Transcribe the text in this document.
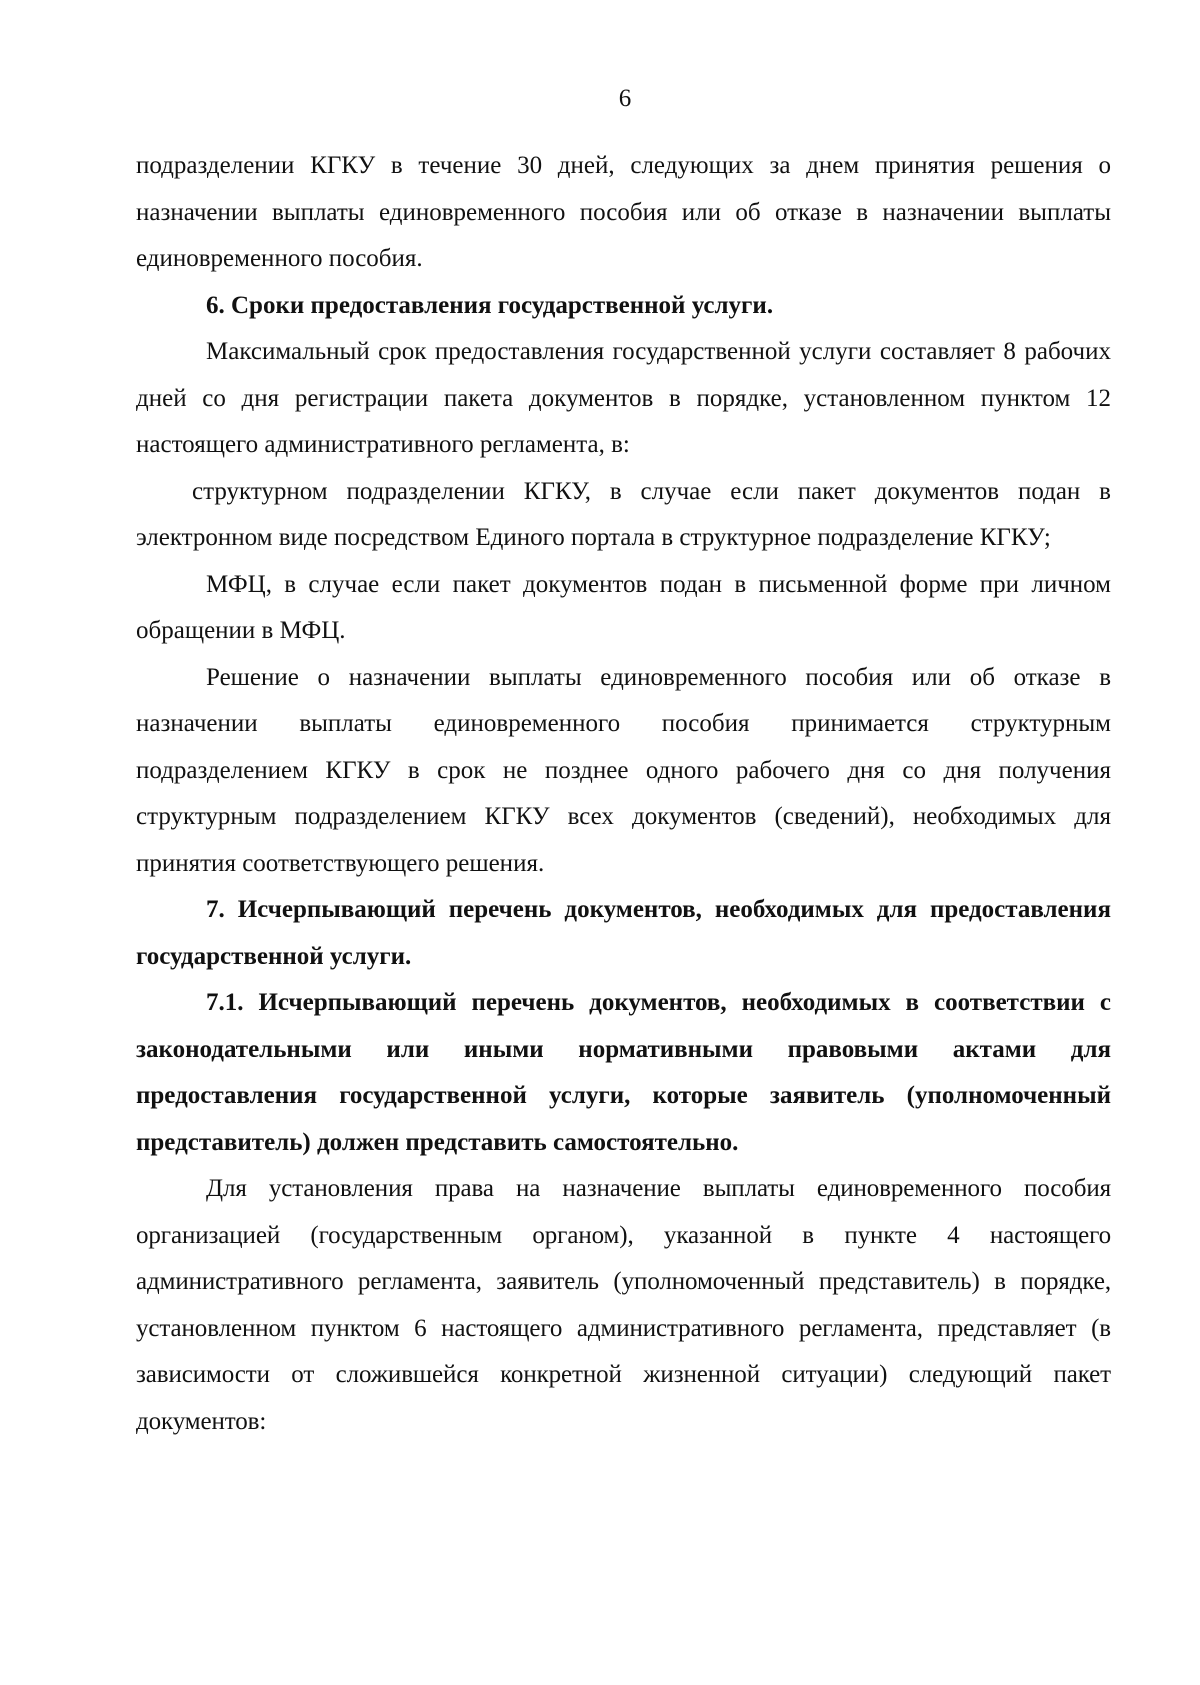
6

подразделении КГКУ в течение 30 дней, следующих за днем принятия решения о назначении выплаты единовременного пособия или об отказе в назначении выплаты единовременного пособия.

6. Сроки предоставления государственной услуги.

Максимальный срок предоставления государственной услуги составляет 8 рабочих дней со дня регистрации пакета документов в порядке, установленном пунктом 12 настоящего административного регламента, в:

структурном подразделении КГКУ, в случае если пакет документов подан в электронном виде посредством Единого портала в структурное подразделение КГКУ;

МФЦ, в случае если пакет документов подан в письменной форме при личном обращении в МФЦ.

Решение о назначении выплаты единовременного пособия или об отказе в назначении выплаты единовременного пособия принимается структурным подразделением КГКУ в срок не позднее одного рабочего дня со дня получения структурным подразделением КГКУ всех документов (сведений), необходимых для принятия соответствующего решения.

7. Исчерпывающий перечень документов, необходимых для предоставления государственной услуги.

7.1. Исчерпывающий перечень документов, необходимых в соответствии с законодательными или иными нормативными правовыми актами для предоставления государственной услуги, которые заявитель (уполномоченный представитель) должен представить самостоятельно.

Для установления права на назначение выплаты единовременного пособия организацией (государственным органом), указанной в пункте 4 настоящего административного регламента, заявитель (уполномоченный представитель) в порядке, установленном пунктом 6 настоящего административного регламента, представляет (в зависимости от сложившейся конкретной жизненной ситуации) следующий пакет документов:
